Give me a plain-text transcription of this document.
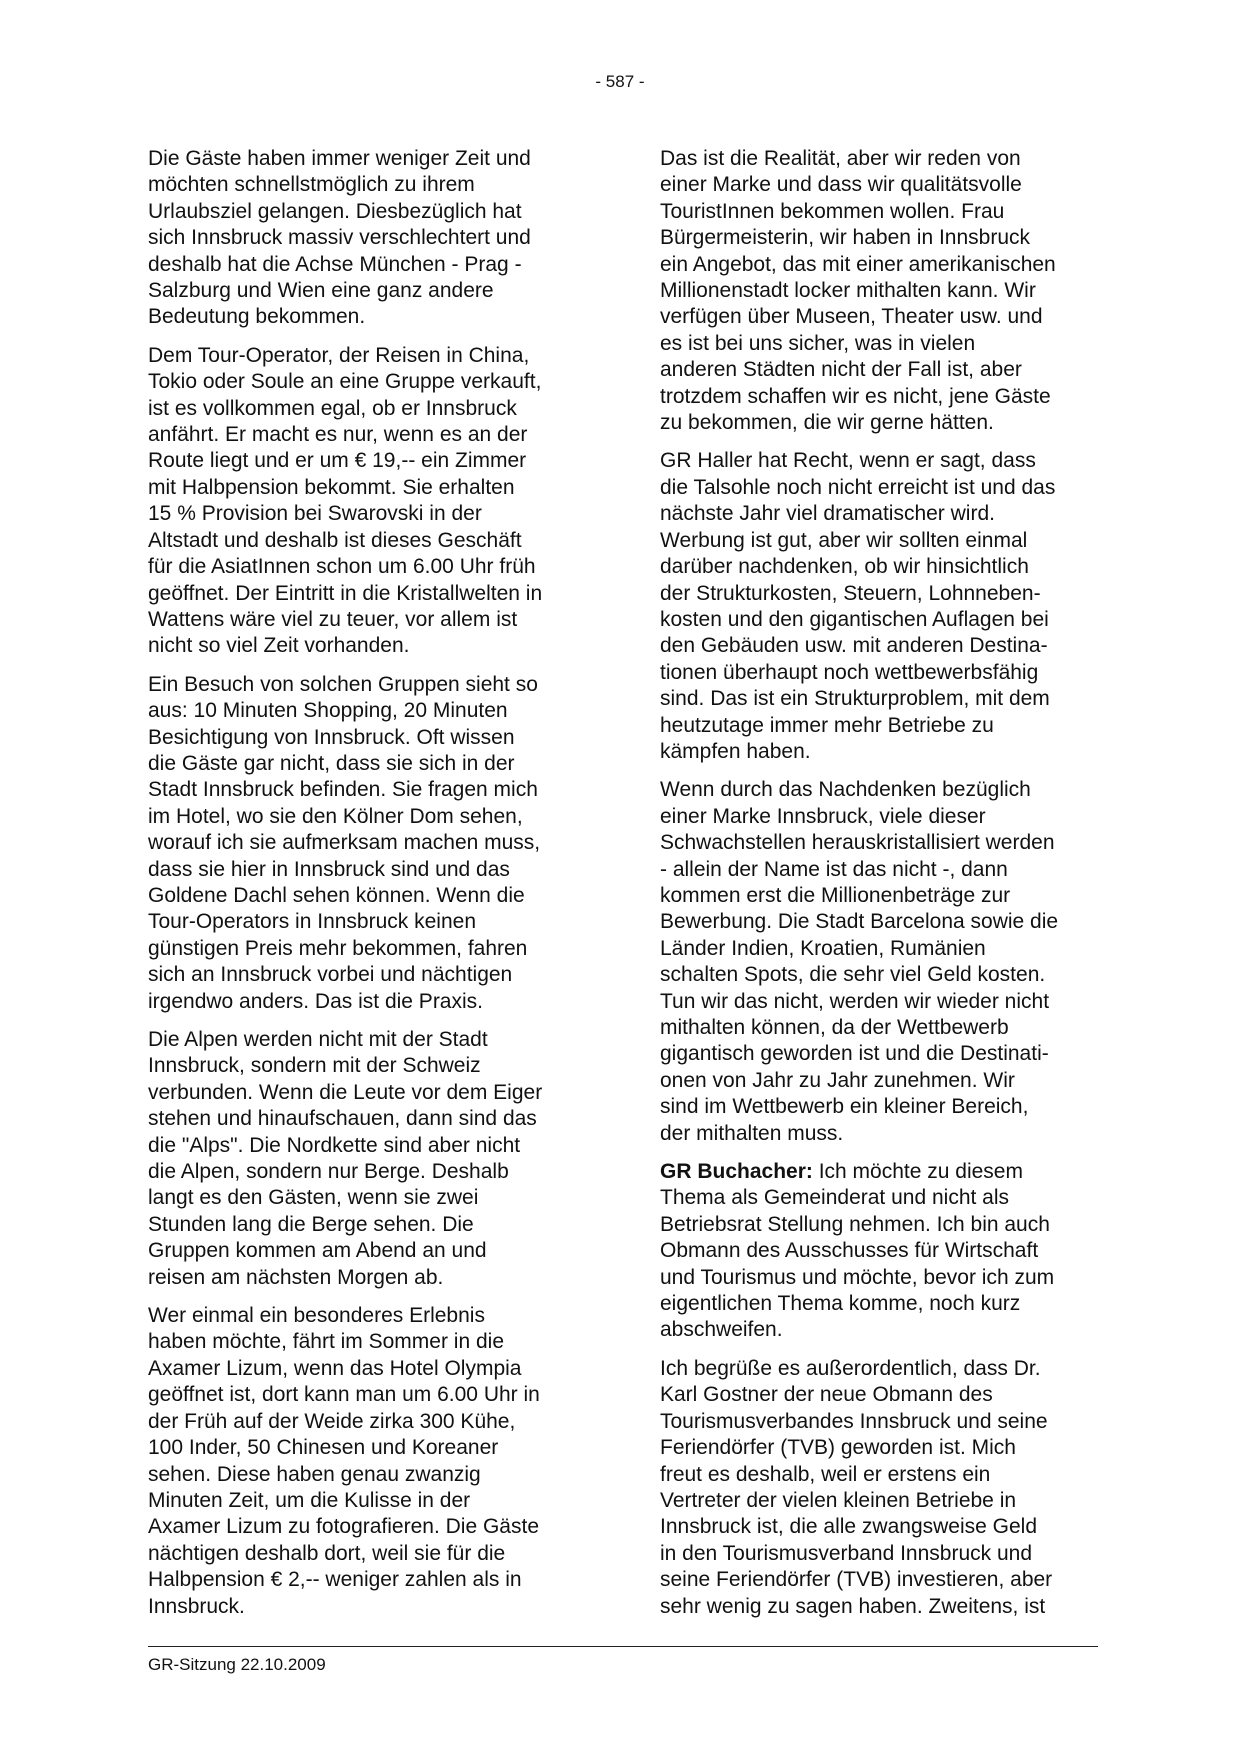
- 587 -

Die Gäste haben immer weniger Zeit und
möchten schnellstmöglich zu ihrem
Urlaubsziel gelangen. Diesbezüglich hat
sich Innsbruck massiv verschlechtert und
deshalb hat die Achse München - Prag -
Salzburg und Wien eine ganz andere
Bedeutung bekommen.

Dem Tour-Operator, der Reisen in China,
Tokio oder Soule an eine Gruppe verkauft,
ist es vollkommen egal, ob er Innsbruck
anfährt. Er macht es nur, wenn es an der
Route liegt und er um € 19,-- ein Zimmer
mit Halbpension bekommt. Sie erhalten
15 % Provision bei Swarovski in der
Altstadt und deshalb ist dieses Geschäft
für die AsiatInnen schon um 6.00 Uhr früh
geöffnet. Der Eintritt in die Kristallwelten in
Wattens wäre viel zu teuer, vor allem ist
nicht so viel Zeit vorhanden.

Ein Besuch von solchen Gruppen sieht so
aus: 10 Minuten Shopping, 20 Minuten
Besichtigung von Innsbruck. Oft wissen
die Gäste gar nicht, dass sie sich in der
Stadt Innsbruck befinden. Sie fragen mich
im Hotel, wo sie den Kölner Dom sehen,
worauf ich sie aufmerksam machen muss,
dass sie hier in Innsbruck sind und das
Goldene Dachl sehen können. Wenn die
Tour-Operators in Innsbruck keinen
günstigen Preis mehr bekommen, fahren
sich an Innsbruck vorbei und nächtigen
irgendwo anders. Das ist die Praxis.

Die Alpen werden nicht mit der Stadt
Innsbruck, sondern mit der Schweiz
verbunden. Wenn die Leute vor dem Eiger
stehen und hinaufschauen, dann sind das
die "Alps". Die Nordkette sind aber nicht
die Alpen, sondern nur Berge. Deshalb
langt es den Gästen, wenn sie zwei
Stunden lang die Berge sehen. Die
Gruppen kommen am Abend an und
reisen am nächsten Morgen ab.

Wer einmal ein besonderes Erlebnis
haben möchte, fährt im Sommer in die
Axamer Lizum, wenn das Hotel Olympia
geöffnet ist, dort kann man um 6.00 Uhr in
der Früh auf der Weide zirka 300 Kühe,
100 Inder, 50 Chinesen und Koreaner
sehen. Diese haben genau zwanzig
Minuten Zeit, um die Kulisse in der
Axamer Lizum zu fotografieren. Die Gäste
nächtigen deshalb dort, weil sie für die
Halbpension € 2,-- weniger zahlen als in
Innsbruck.

Das ist die Realität, aber wir reden von
einer Marke und dass wir qualitätsvolle
TouristInnen bekommen wollen. Frau
Bürgermeisterin, wir haben in Innsbruck
ein Angebot, das mit einer amerikanischen
Millionenstadt locker mithalten kann. Wir
verfügen über Museen, Theater usw. und
es ist bei uns sicher, was in vielen
anderen Städten nicht der Fall ist, aber
trotzdem schaffen wir es nicht, jene Gäste
zu bekommen, die wir gerne hätten.

GR Haller hat Recht, wenn er sagt, dass
die Talsohle noch nicht erreicht ist und das
nächste Jahr viel dramatischer wird.
Werbung ist gut, aber wir sollten einmal
darüber nachdenken, ob wir hinsichtlich
der Strukturkosten, Steuern, Lohnneben-
kosten und den gigantischen Auflagen bei
den Gebäuden usw. mit anderen Destina-
tionen überhaupt noch wettbewerbsfähig
sind. Das ist ein Strukturproblem, mit dem
heutzutage immer mehr Betriebe zu
kämpfen haben.

Wenn durch das Nachdenken bezüglich
einer Marke Innsbruck, viele dieser
Schwachstellen herauskristallisiert werden
- allein der Name ist das nicht -, dann
kommen erst die Millionenbeträge zur
Bewerbung. Die Stadt Barcelona sowie die
Länder Indien, Kroatien, Rumänien
schalten Spots, die sehr viel Geld kosten.
Tun wir das nicht, werden wir wieder nicht
mithalten können, da der Wettbewerb
gigantisch geworden ist und die Destinati-
onen von Jahr zu Jahr zunehmen. Wir
sind im Wettbewerb ein kleiner Bereich,
der mithalten muss.

GR Buchacher: Ich möchte zu diesem
Thema als Gemeinderat und nicht als
Betriebsrat Stellung nehmen. Ich bin auch
Obmann des Ausschusses für Wirtschaft
und Tourismus und möchte, bevor ich zum
eigentlichen Thema komme, noch kurz
abschweifen.

Ich begrüße es außerordentlich, dass Dr.
Karl Gostner der neue Obmann des
Tourismusverbandes Innsbruck und seine
Feriendörfer (TVB) geworden ist. Mich
freut es deshalb, weil er erstens ein
Vertreter der vielen kleinen Betriebe in
Innsbruck ist, die alle zwangsweise Geld
in den Tourismusverband Innsbruck und
seine Feriendörfer (TVB) investieren, aber
sehr wenig zu sagen haben. Zweitens, ist

GR-Sitzung 22.10.2009
